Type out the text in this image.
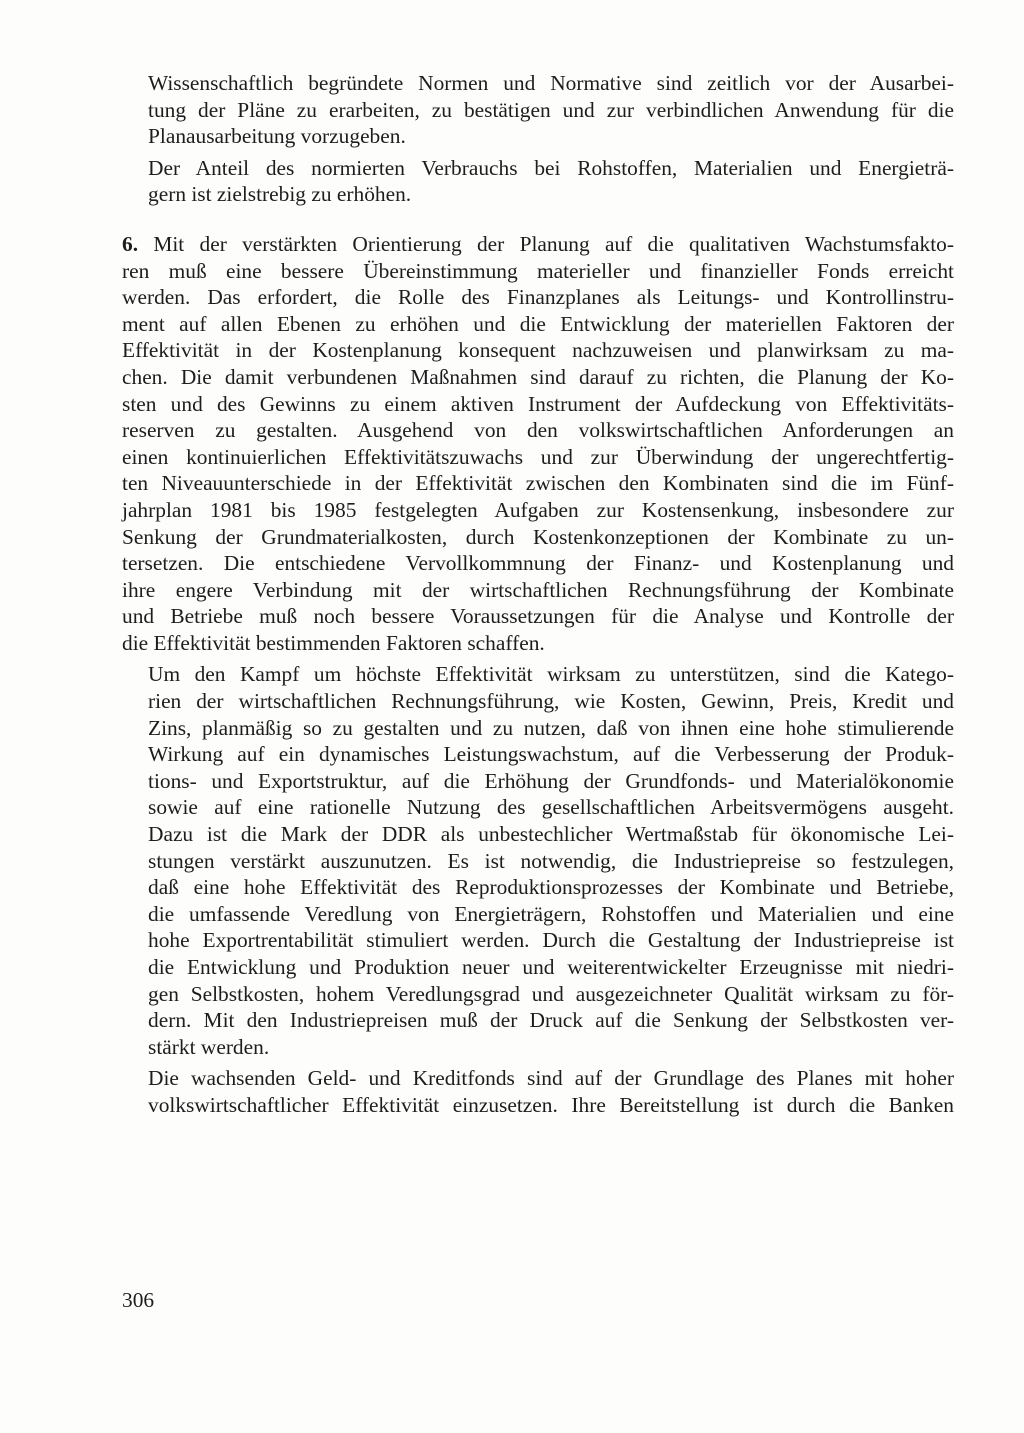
Wissenschaftlich begründete Normen und Normative sind zeitlich vor der Ausarbei-
tung der Pläne zu erarbeiten, zu bestätigen und zur verbindlichen Anwendung für die
Planausarbeitung vorzugeben.

Der Anteil des normierten Verbrauchs bei Rohstoffen, Materialien und Energieträ-
gern ist zielstrebig zu erhöhen.

6. Mit der verstärkten Orientierung der Planung auf die qualitativen Wachstumsfakto-
ren muß eine bessere Übereinstimmung materieller und finanzieller Fonds erreicht
werden. Das erfordert, die Rolle des Finanzplanes als Leitungs- und Kontrollinstru-
ment auf allen Ebenen zu erhöhen und die Entwicklung der materiellen Faktoren der
Effektivität in der Kostenplanung konsequent nachzuweisen und planwirksam zu ma-
chen. Die damit verbundenen Maßnahmen sind darauf zu richten, die Planung der Ko-
sten und des Gewinns zu einem aktiven Instrument der Aufdeckung von Effektivitäts-
reserven zu gestalten. Ausgehend von den volkswirtschaftlichen Anforderungen an
einen kontinuierlichen Effektivitätszuwachs und zur Überwindung der ungerechtfertig-
ten Niveauunterschiede in der Effektivität zwischen den Kombinaten sind die im Fünf-
jahrplan 1981 bis 1985 festgelegten Aufgaben zur Kostensenkung, insbesondere zur
Senkung der Grundmaterialkosten, durch Kostenkonzeptionen der Kombinate zu un-
tersetzen. Die entschiedene Vervollkommnung der Finanz- und Kostenplanung und
ihre engere Verbindung mit der wirtschaftlichen Rechnungsführung der Kombinate
und Betriebe muß noch bessere Voraussetzungen für die Analyse und Kontrolle der
die Effektivität bestimmenden Faktoren schaffen.

Um den Kampf um höchste Effektivität wirksam zu unterstützen, sind die Katego-
rien der wirtschaftlichen Rechnungsführung, wie Kosten, Gewinn, Preis, Kredit und
Zins, planmäßig so zu gestalten und zu nutzen, daß von ihnen eine hohe stimulierende
Wirkung auf ein dynamisches Leistungswachstum, auf die Verbesserung der Produk-
tions- und Exportstruktur, auf die Erhöhung der Grundfonds- und Materialökonomie
sowie auf eine rationelle Nutzung des gesellschaftlichen Arbeitsvermögens ausgeht.
Dazu ist die Mark der DDR als unbestechlicher Wertmaßstab für ökonomische Lei-
stungen verstärkt auszunutzen. Es ist notwendig, die Industriepreise so festzulegen,
daß eine hohe Effektivität des Reproduktionsprozesses der Kombinate und Betriebe,
die umfassende Veredlung von Energieträgern, Rohstoffen und Materialien und eine
hohe Exportrentabilität stimuliert werden. Durch die Gestaltung der Industriepreise ist
die Entwicklung und Produktion neuer und weiterentwickelter Erzeugnisse mit niedri-
gen Selbstkosten, hohem Veredlungsgrad und ausgezeichneter Qualität wirksam zu för-
dern. Mit den Industriepreisen muß der Druck auf die Senkung der Selbstkosten ver-
stärkt werden.

Die wachsenden Geld- und Kreditfonds sind auf der Grundlage des Planes mit hoher
volkswirtschaftlicher Effektivität einzusetzen. Ihre Bereitstellung ist durch die Banken

306
